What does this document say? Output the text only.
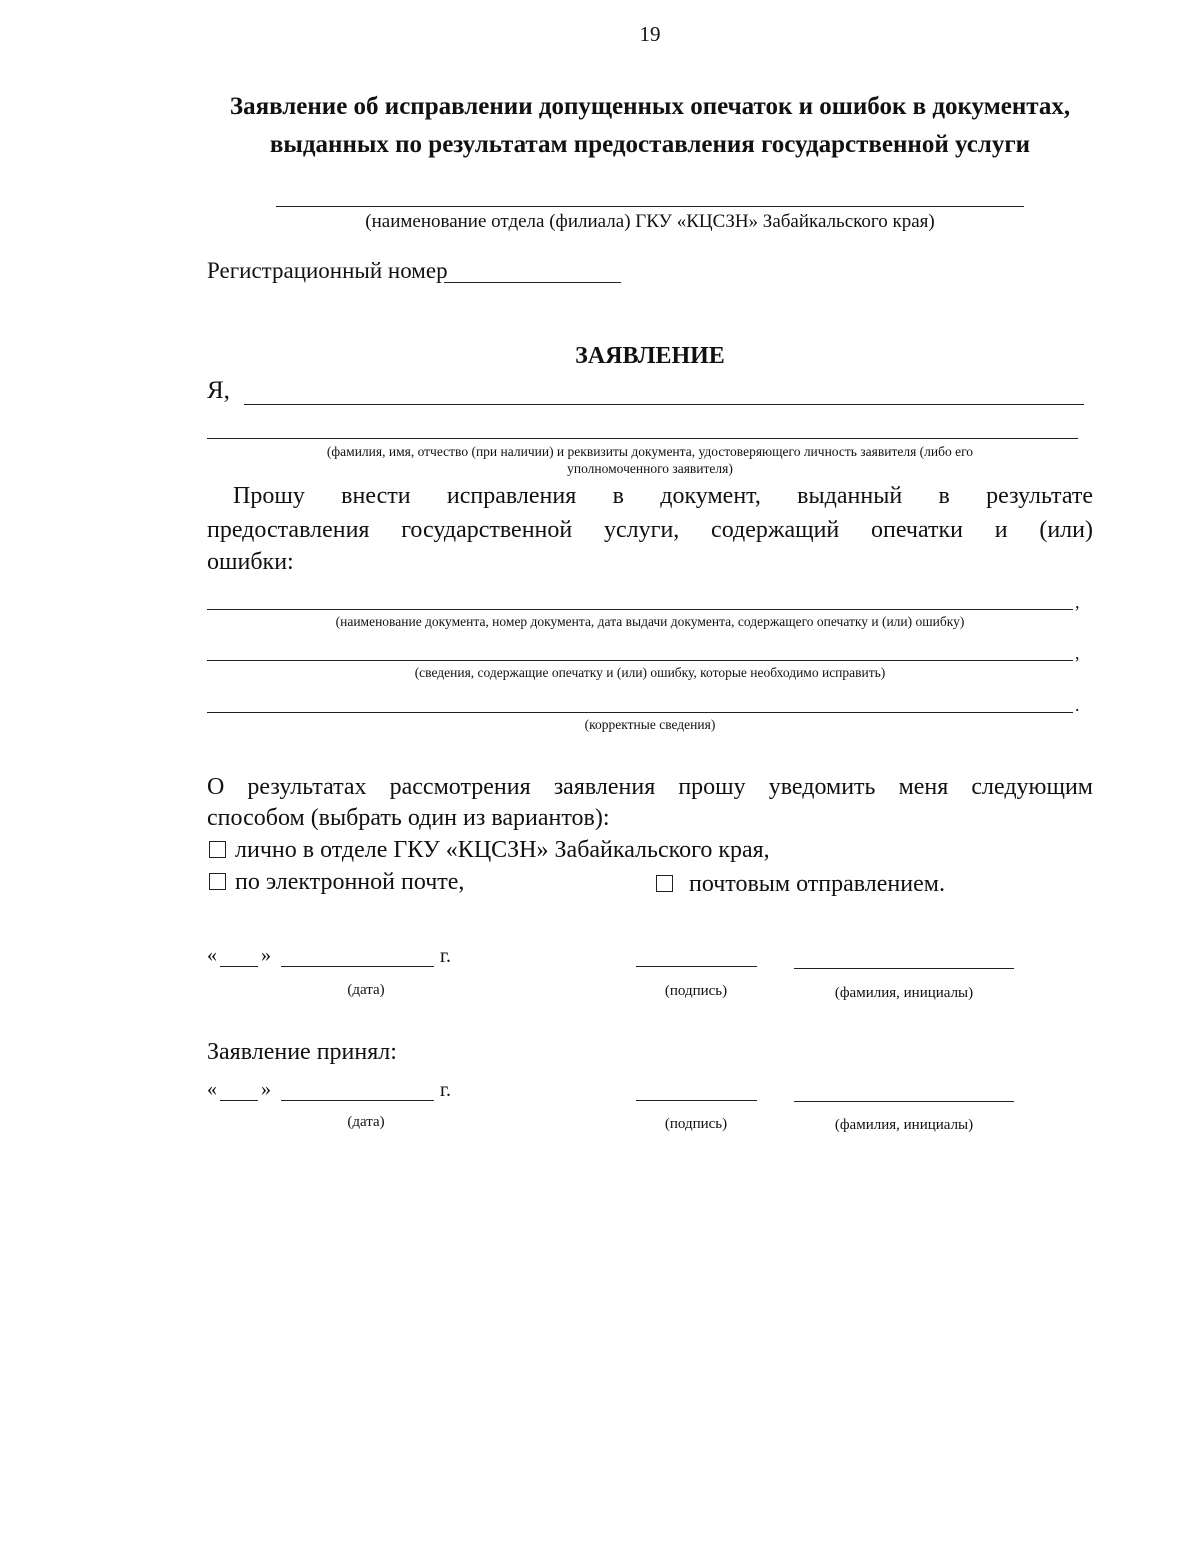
19
Заявление об исправлении допущенных опечаток и ошибок в документах,
выданных по результатам предоставления государственной услуги
(наименование отдела (филиала) ГКУ «КЦСЗН» Забайкальского края)
Регистрационный номер
ЗАЯВЛЕНИЕ
Я,
(фамилия, имя, отчество (при наличии) и реквизиты документа, удостоверяющего личность заявителя (либо его
уполномоченного заявителя)
Прошу внести исправления в документ, выданный в результате
предоставления государственной услуги, содержащий опечатки и (или)
ошибки:
,
(наименование документа, номер документа, дата выдачи документа, содержащего опечатку и (или) ошибку)
,
(сведения, содержащие опечатку и (или) ошибку, которые необходимо исправить)
.
(корректные сведения)
О результатах рассмотрения заявления прошу уведомить меня следующим
способом (выбрать один из вариантов):
лично в отделе ГКУ «КЦСЗН» Забайкальского края,
по электронной почте,	почтовым отправлением.
« »	г.
(дата)	(подпись)	(фамилия, инициалы)
Заявление принял:
« »	г.
(дата)	(подпись)	(фамилия, инициалы)
